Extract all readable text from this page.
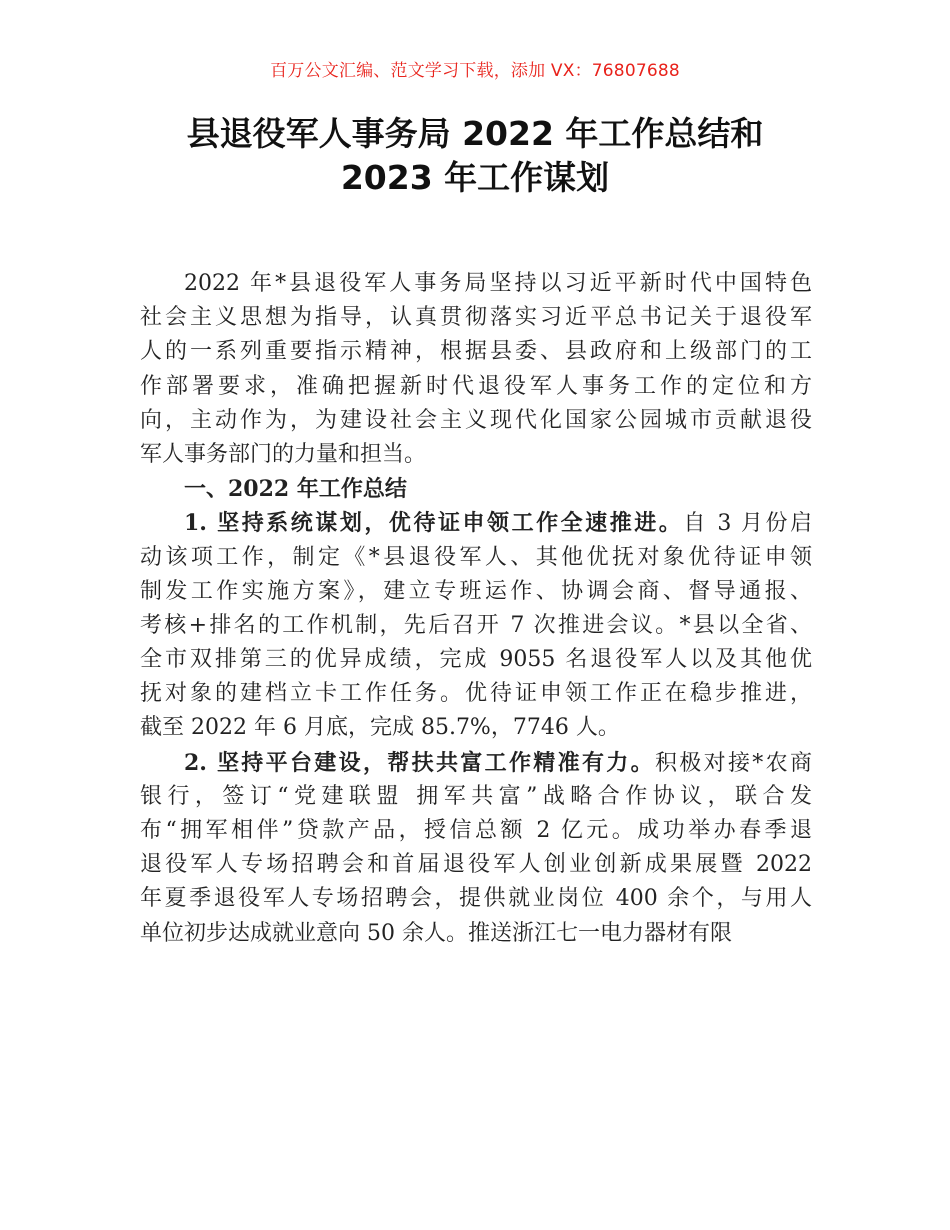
百万公文汇编、范文学习下载，添加 VX：76807688
县退役军人事务局 2022 年工作总结和
2023 年工作谋划
2022 年*县退役军人事务局坚持以习近平新时代中国特色
社会主义思想为指导，认真贯彻落实习近平总书记关于退役军
人的一系列重要指示精神，根据县委、县政府和上级部门的工
作部署要求，准确把握新时代退役军人事务工作的定位和方
向，主动作为，为建设社会主义现代化国家公园城市贡献退役
军人事务部门的力量和担当。
一、2022 年工作总结
1. 坚持系统谋划，优待证申领工作全速推进。自 3 月份启
动该项工作，制定《*县退役军人、其他优抚对象优待证申领
制发工作实施方案》，建立专班运作、协调会商、督导通报、
考核+排名的工作机制，先后召开 7 次推进会议。*县以全省、
全市双排第三的优异成绩，完成 9055 名退役军人以及其他优
抚对象的建档立卡工作任务。优待证申领工作正在稳步推进，
截至 2022 年 6 月底，完成 85.7%，7746 人。
2. 坚持平台建设，帮扶共富工作精准有力。积极对接*农商
银行，签订“党建联盟 拥军共富”战略合作协议，联合发
布“拥军相伴”贷款产品，授信总额 2 亿元。成功举办春季退
退役军人专场招聘会和首届退役军人创业创新成果展暨 2022
年夏季退役军人专场招聘会，提供就业岗位 400 余个，与用人
单位初步达成就业意向 50 余人。推送浙江七一电力器材有限
